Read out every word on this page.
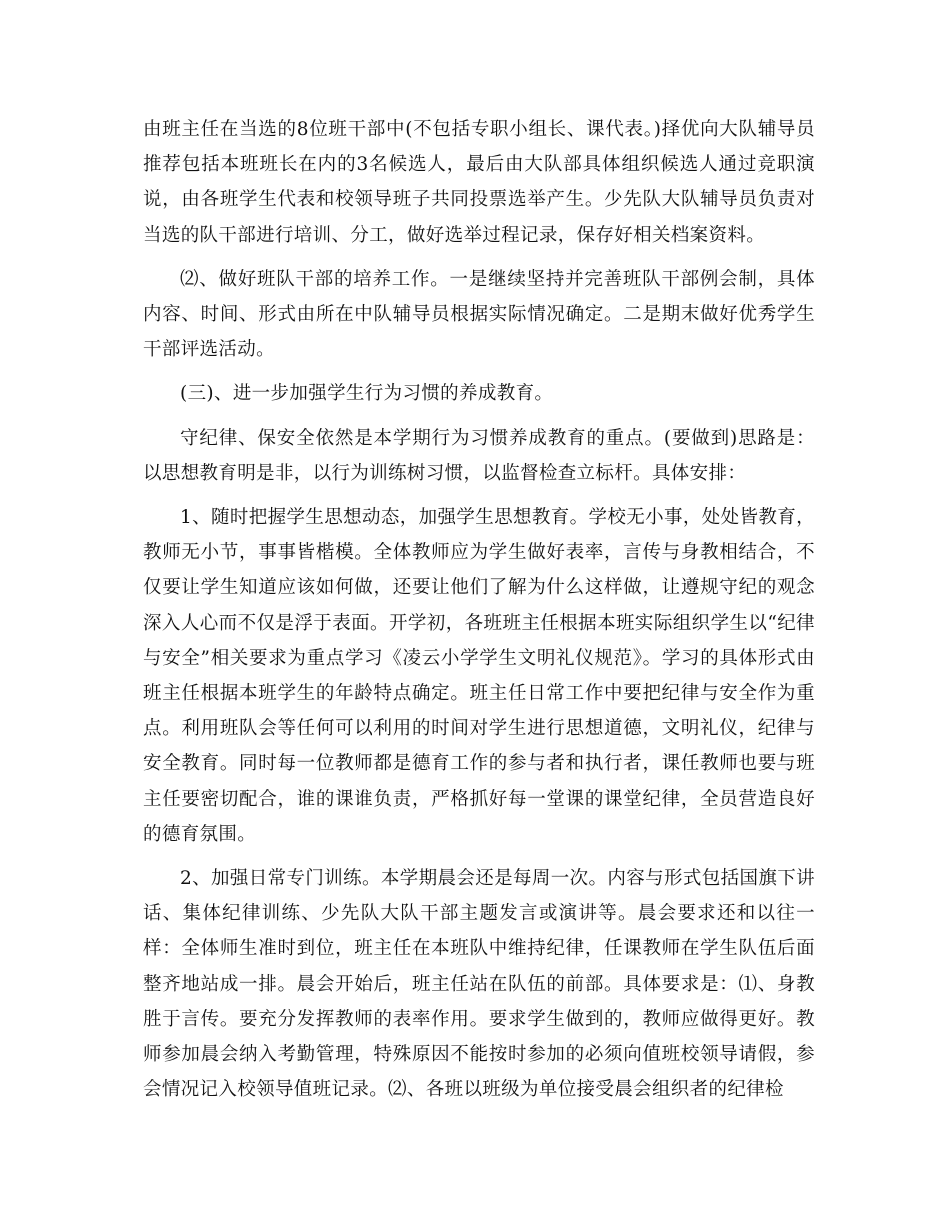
由班主任在当选的8位班干部中(不包括专职小组长、课代表。)择优向大队辅导员推荐包括本班班长在内的3名候选人，最后由大队部具体组织候选人通过竞职演说，由各班学生代表和校领导班子共同投票选举产生。少先队大队辅导员负责对当选的队干部进行培训、分工，做好选举过程记录，保存好相关档案资料。

⑵、做好班队干部的培养工作。一是继续坚持并完善班队干部例会制，具体内容、时间、形式由所在中队辅导员根据实际情况确定。二是期末做好优秀学生干部评选活动。

(三)、进一步加强学生行为习惯的养成教育。

守纪律、保安全依然是本学期行为习惯养成教育的重点。(要做到)思路是：以思想教育明是非，以行为训练树习惯，以监督检查立标杆。具体安排：

1、随时把握学生思想动态，加强学生思想教育。学校无小事，处处皆教育，教师无小节，事事皆楷模。全体教师应为学生做好表率，言传与身教相结合，不仅要让学生知道应该如何做，还要让他们了解为什么这样做，让遵规守纪的观念深入人心而不仅是浮于表面。开学初，各班班主任根据本班实际组织学生以“纪律与安全”相关要求为重点学习《凌云小学学生文明礼仪规范》。学习的具体形式由班主任根据本班学生的年龄特点确定。班主任日常工作中要把纪律与安全作为重点。利用班队会等任何可以利用的时间对学生进行思想道德，文明礼仪，纪律与安全教育。同时每一位教师都是德育工作的参与者和执行者，课任教师也要与班主任要密切配合，谁的课谁负责，严格抓好每一堂课的课堂纪律，全员营造良好的德育氛围。

2、加强日常专门训练。本学期晨会还是每周一次。内容与形式包括国旗下讲话、集体纪律训练、少先队大队干部主题发言或演讲等。晨会要求还和以往一样：全体师生准时到位，班主任在本班队中维持纪律，任课教师在学生队伍后面整齐地站成一排。晨会开始后，班主任站在队伍的前部。具体要求是：⑴、身教胜于言传。要充分发挥教师的表率作用。要求学生做到的，教师应做得更好。教师参加晨会纳入考勤管理，特殊原因不能按时参加的必须向值班校领导请假，参会情况记入校领导值班记录。⑵、各班以班级为单位接受晨会组织者的纪律检
